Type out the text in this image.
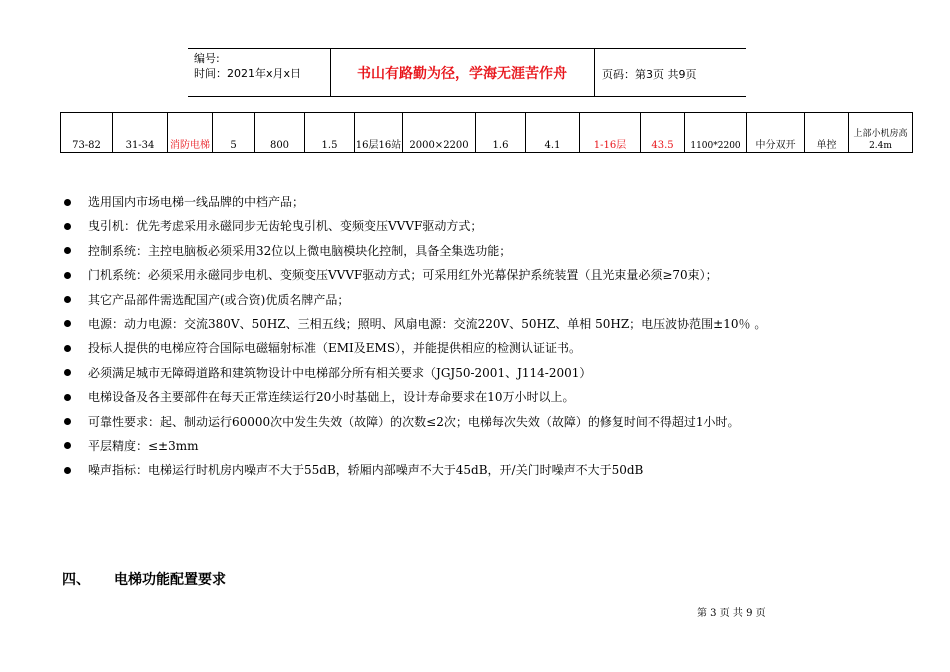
编号:
时间：2021年x月x日	书山有路勤为径，学海无涯苦作舟	页码：第3页 共9页
73-82	31-34	消防电梯	5	800	1.5	16层16站	2000×2200	1.6	4.1	1-16层	43.5	1100*2200	中分双开	单控	上部小机房高2.4m
选用国内市场电梯一线品牌的中档产品；
曳引机：优先考虑采用永磁同步无齿轮曳引机、变频变压VVVF驱动方式；
控制系统：主控电脑板必须采用32位以上微电脑模块化控制，具备全集选功能；
门机系统：必须采用永磁同步电机、变频变压VVVF驱动方式；可采用红外光幕保护系统装置（且光束量必须≥70束）；
其它产品部件需选配国产(或合资)优质名牌产品；
电源：动力电源：交流380V、50HZ、三相五线；照明、风扇电源：交流220V、50HZ、单相 50HZ；电压波协范围±10％ 。
投标人提供的电梯应符合国际电磁辐射标准（EMI及EMS），并能提供相应的检测认证证书。
必须满足城市无障碍道路和建筑物设计中电梯部分所有相关要求（JGJ50-2001、J114-2001）
电梯设备及各主要部件在每天正常连续运行20小时基础上，设计寿命要求在10万小时以上。
可靠性要求：起、制动运行60000次中发生失效（故障）的次数≤2次；电梯每次失效（故障）的修复时间不得超过1小时。
平层精度：≤±3mm
噪声指标：电梯运行时机房内噪声不大于55dB，轿厢内部噪声不大于45dB，开/关门时噪声不大于50dB
四、 电梯功能配置要求
第 3 页 共 9 页
